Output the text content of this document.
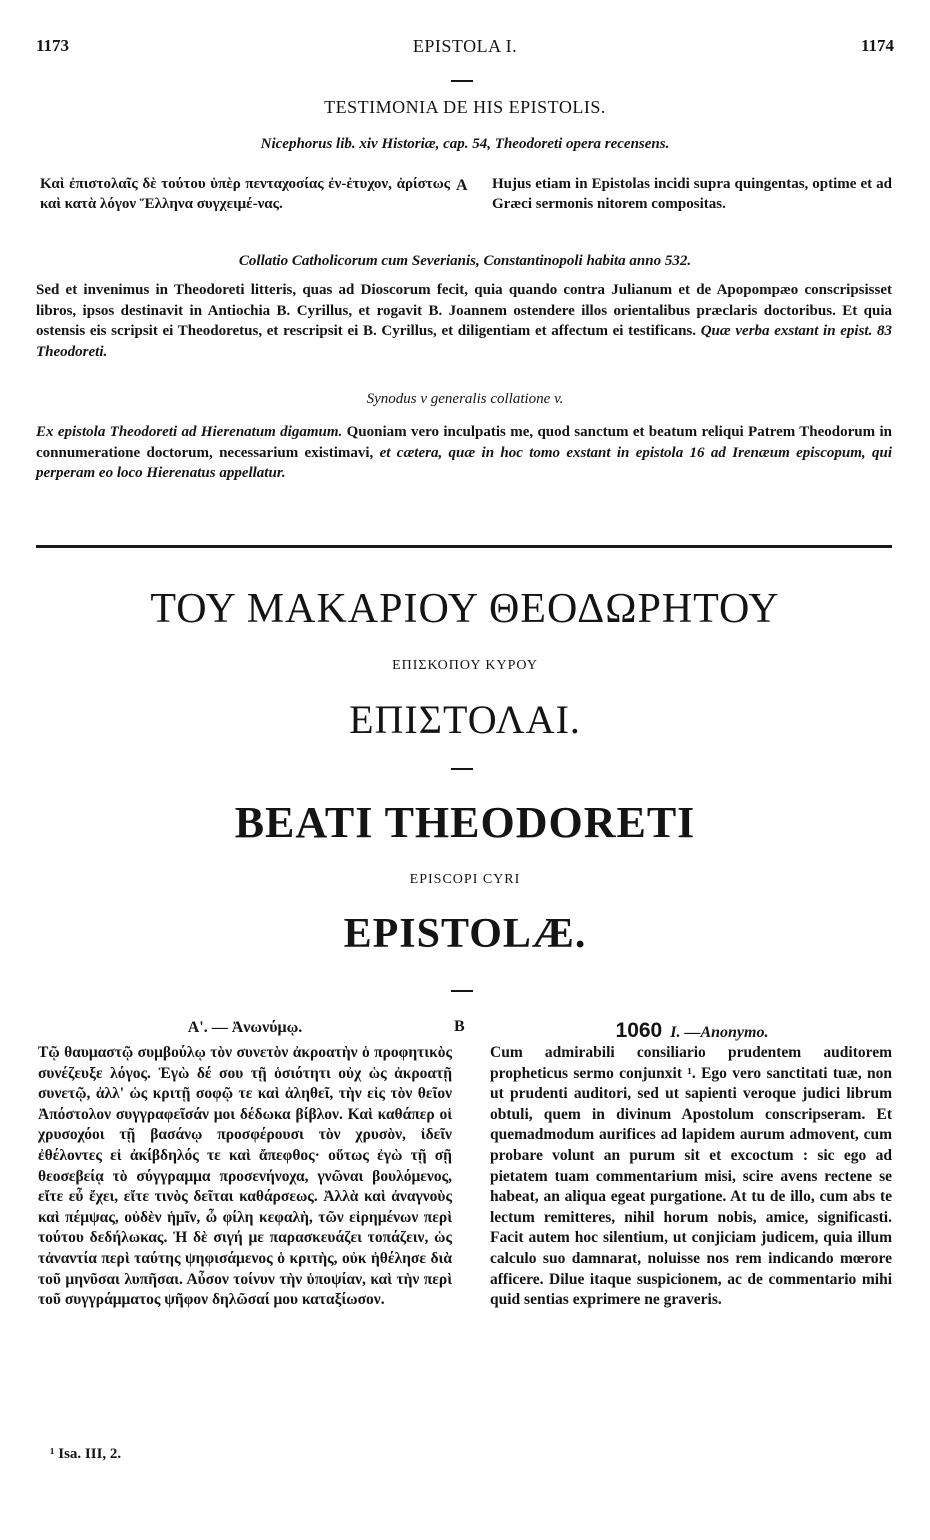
1173	EPISTOLA I.	1174
TESTIMONIA DE HIS EPISTOLIS.
Nicephorus lib. xiv Historiæ, cap. 54, Theodoreti opera recensens.
Καὶ ἐπιστολαῖς δὲ τούτου ὑπὲρ πενταχοσίας ἐν-ἐτυχον, ἀρίστως καὶ κατὰ λόγον Ἕλληνα συγχειμέ-νας.
A Hujus etiam in Epistolas incidi supra quingentas, optime et ad Græci sermonis nitorem compositas.
Collatio Catholicorum cum Severianis, Constantinopoli habita anno 532.
Sed et invenimus in Theodoreti litteris, quas ad Dioscorum fecit, quia quando contra Julianum et de Apopompæo conscripsisset libros, ipsos destinavit in Antiochia B. Cyrillus, et rogavit B. Joannem ostendere illos orientalibus præclaris doctoribus. Et quia ostensis eis scripsit ei Theodoretus, et rescripsit ei B. Cyrillus, et diligentiam et affectum ei testificans. Quæ verba exstant in epist. 83 Theodoreti.
Synodus v generalis collatione v.
Ex epistola Theodoreti ad Hierenatum digamum. Quoniam vero inculpatis me, quod sanctum et beatum reliqui Patrem Theodorum in connumeratione doctorum, necessarium existimavi, et cætera, quæ in hoc tomo exstant in epistola 16 ad Irenæum episcopum, qui perperam eo loco Hierenatus appellatur.
ΤΟΥ ΜΑΚΑΡΙΟΥ ΘΕΟΔΩΡΗΤΟΥ
ΕΠΙΣΚΟΠΟΥ ΚΥΡΟΥ
ΕΠΙΣΤΟΛΑΙ.
BEATI THEODORETI
EPISCOPI CYRI
EPISTOLÆ.
Α'. — Ἀνωνύμῳ.	B	1060 I. —Anonymo.
Τῷ θαυμαστῷ συμβούλῳ τὸν συνετὸν ἀκροατὴν ὁ προφητικὸς συνέζευξε λόγος. Ἐγὼ δέ σου τῇ ὁσιότητι οὐχ ὡς ἀκροατῇ συνετῷ, ἀλλ' ὡς κριτῇ σοφῷ τε καὶ ἀληθεῖ, τὴν εἰς τὸν θεῖον Ἀπόστολον συγγραφεῖσάν μοι δέδωκα βίβλον. Καὶ καθάπερ οἱ χρυσοχόοι τῇ βασάνῳ προσφέρουσι τὸν χρυσὸν, ἰδεῖν ἐθέλοντες εἰ ἀκίβδηλός τε καὶ ἄπεφθος· οὕτως ἐγὼ τῇ σῇ θεοσεβείᾳ τὸ σύγγραμμα προσενήνοχα, γνῶναι βουλόμενος, εἴτε εὖ ἔχει, εἴτε τινὸς δεῖται καθάρσεως. Ἀλλὰ καὶ ἀναγνοὺς καὶ πέμψας, οὐδὲν ἡμῖν, ὦ φίλη κεφαλὴ, τῶν εἰρημένων περὶ τούτου δεδήλωκας. Ἡ δὲ σιγή με παρασκευάζει τοπάζειν, ὡς τἀναντία περὶ ταύτης ψηφισάμενος ὁ κριτὴς, οὐκ ἠθέλησε διὰ τοῦ μηνῦσαι λυπῆσαι. Αὖσον τοίνυν τὴν ὑποψίαν, καὶ τὴν περὶ τοῦ συγγράμματος ψῆφον δηλῶσαί μου καταξίωσον.
Cum admirabili consiliario prudentem auditorem propheticus sermo conjunxit ¹. Ego vero sanctitati tuæ, non ut prudenti auditori, sed ut sapienti veroque judici librum obtuli, quem in divinum Apostolum conscripseram. Et quemadmodum aurifices ad lapidem aurum admovent, cum probare volunt an purum sit et excoctum : sic ego ad pietatem tuam commentarium misi, scire avens rectene se habeat, an aliqua egeat purgatione. At tu de illo, cum abs te lectum remitteres, nihil horum nobis, amice, significasti. Facit autem hoc silentium, ut conjiciam judicem, quia illum calculo suo damnarat, noluisse nos rem indicando mœrore afficere. Dilue itaque suspicionem, ac de commentario mihi quid sentias exprimere ne graveris.
¹ Isa. III, 2.
